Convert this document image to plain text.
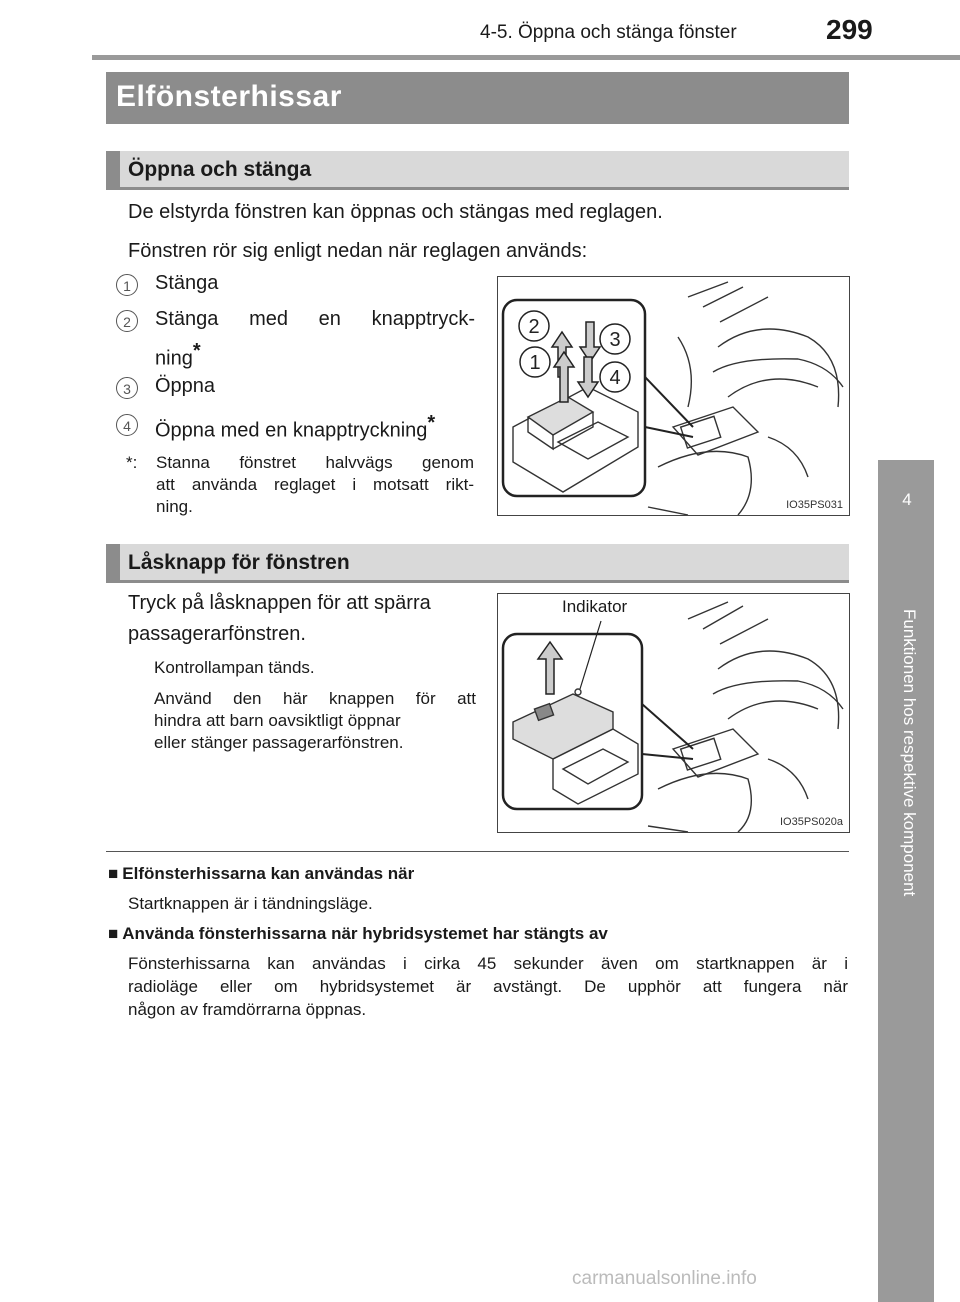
4-5. Öppna och stänga fönster	299
4
Funktionen hos respektive komponent
Elfönsterhissar
Öppna och stänga
De elstyrda fönstren kan öppnas och stängas med reglagen.
Fönstren rör sig enligt nedan när reglagen används:
1	Stänga
2	Stänga med en knapptryck-
ning*
3	Öppna
4	Öppna med en knapptryckning*
*: Stanna fönstret halvvägs genom
att använda reglaget i motsatt rikt-
ning.
2
3
1
4
IO35PS031
Låsknapp för fönstren
Tryck på låsknappen för att spärra
passagerarfönstren.
Kontrollampan tänds.
Använd den här knappen för att
hindra att barn oavsiktligt öppnar
eller stänger passagerarfönstren.
Indikator
IO35PS020a
■ Elfönsterhissarna kan användas när
Startknappen är i tändningsläge.
■ Använda fönsterhissarna när hybridsystemet har stängts av
Fönsterhissarna kan användas i cirka 45 sekunder även om startknappen är i
radioläge eller om hybridsystemet är avstängt. De upphör att fungera när
någon av framdörrarna öppnas.
carmanualsonline.info
